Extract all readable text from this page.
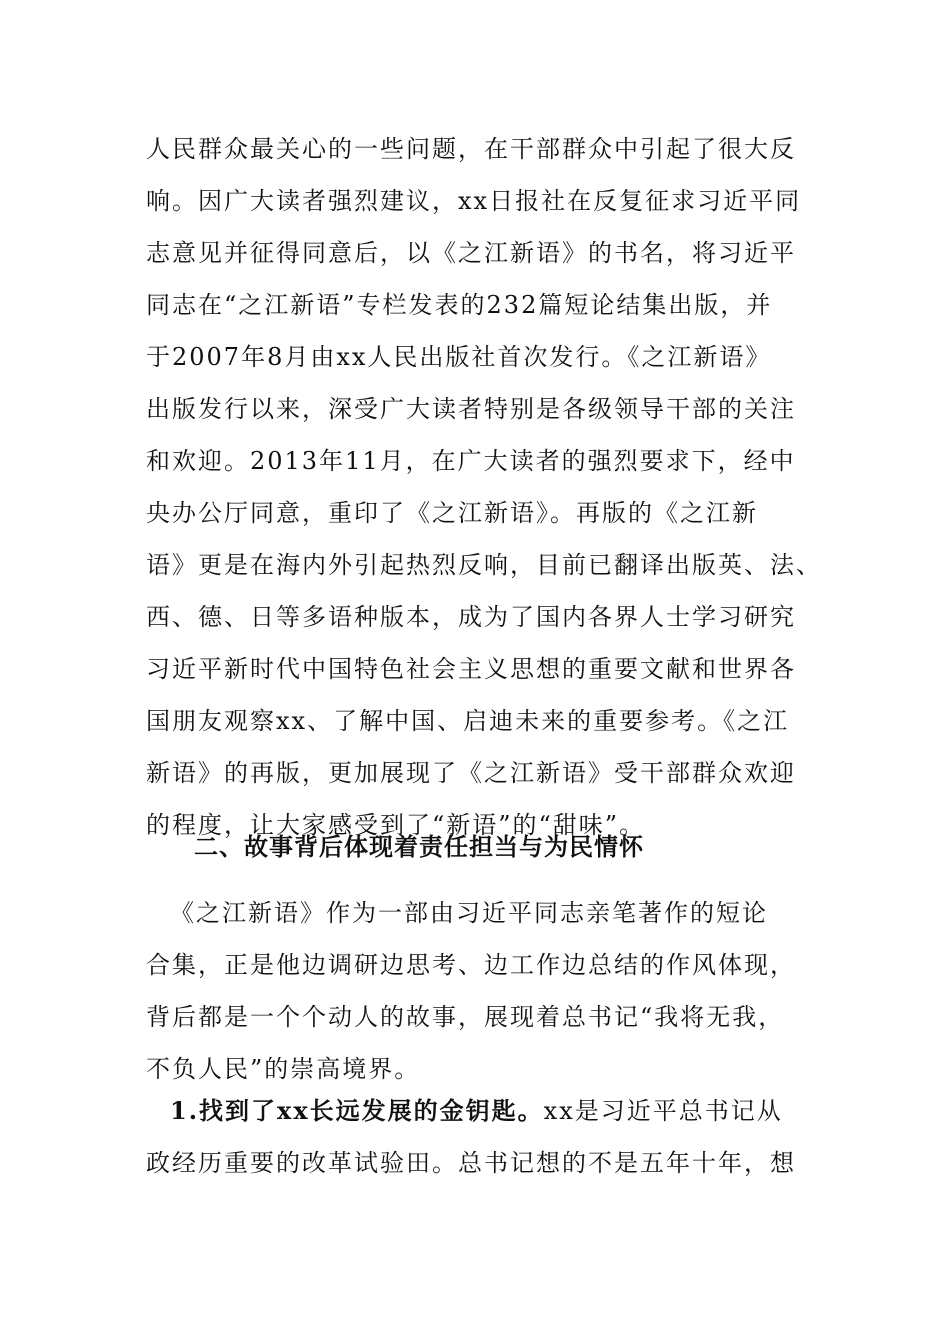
人民群众最关心的一些问题，在干部群众中引起了很大反
响。因广大读者强烈建议，xx日报社在反复征求习近平同
志意见并征得同意后，以《之江新语》的书名，将习近平
同志在“之江新语”专栏发表的232篇短论结集出版，并
于2007年8月由xx人民出版社首次发行。《之江新语》
出版发行以来，深受广大读者特别是各级领导干部的关注
和欢迎。2013年11月，在广大读者的强烈要求下，经中
央办公厅同意，重印了《之江新语》。再版的《之江新
语》更是在海内外引起热烈反响，目前已翻译出版英、法、
西、德、日等多语种版本，成为了国内各界人士学习研究
习近平新时代中国特色社会主义思想的重要文献和世界各
国朋友观察xx、了解中国、启迪未来的重要参考。《之江
新语》的再版，更加展现了《之江新语》受干部群众欢迎
的程度，让大家感受到了“新语”的“甜味”。
二、故事背后体现着责任担当与为民情怀
《之江新语》作为一部由习近平同志亲笔著作的短论
合集，正是他边调研边思考、边工作边总结的作风体现，
背后都是一个个动人的故事，展现着总书记“我将无我，
不负人民”的崇高境界。
1.找到了xx长远发展的金钥匙。xx是习近平总书记从
政经历重要的改革试验田。总书记想的不是五年十年，想
